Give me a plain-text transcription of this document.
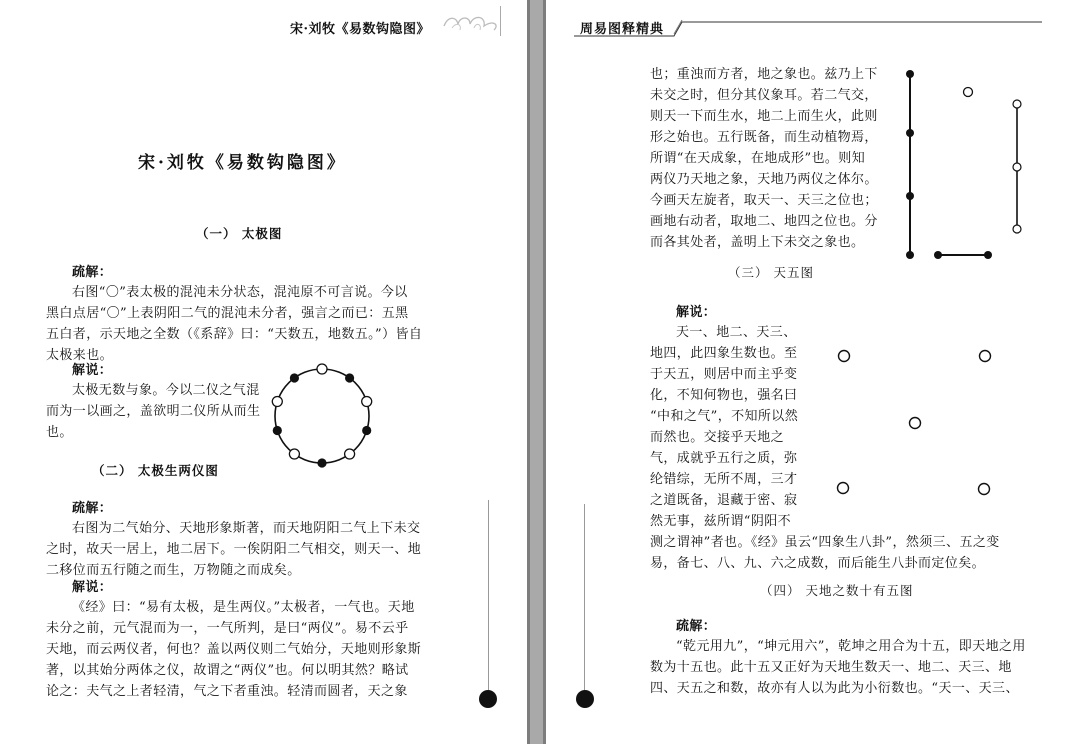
宋·刘牧《易数钩隐图》
宋·刘牧《易数钩隐图》
（一） 太极图
疏解：
右图“〇”表太极的混沌未分状态，混沌原不可言说。今以
黑白点居“〇”上表阴阳二气的混沌未分者，强言之而已：五黑
五白者，示天地之全数（《系辞》曰：“天数五，地数五。”）皆自
太极来也。
解说：
太极无数与象。今以二仪之气混
而为一以画之，盖欲明二仪所从而生
也。
（二） 太极生两仪图
疏解：
右图为二气始分、天地形象斯著，而天地阴阳二气上下未交
之时，故天一居上，地二居下。一俟阴阳二气相交，则天一、地
二移位而五行随之而生，万物随之而成矣。
解说：
《经》曰：“易有太极，是生两仪。”太极者，一气也。天地
未分之前，元气混而为一，一气所判，是曰“两仪”。易不云乎
天地，而云两仪者，何也？盖以两仪则二气始分，天地则形象斯
著，以其始分两体之仪，故谓之“两仪”也。何以明其然？略试
论之：夫气之上者轻清，气之下者重浊。轻清而圆者，天之象
周易图释精典
也；重浊而方者，地之象也。兹乃上下
未交之时，但分其仪象耳。若二气交，
则天一下而生水，地二上而生火，此则
形之始也。五行既备，而生动植物焉，
所谓“在天成象，在地成形”也。则知
两仪乃天地之象，天地乃两仪之体尔。
今画天左旋者，取天一、天三之位也；
画地右动者，取地二、地四之位也。分
而各其处者，盖明上下未交之象也。
（三） 天五图
解说：
天一、地二、天三、
地四，此四象生数也。至
于天五，则居中而主乎变
化，不知何物也，强名曰
“中和之气”，不知所以然
而然也。交接乎天地之
气，成就乎五行之质，弥
纶错综，无所不周，三才
之道既备，退藏于密、寂
然无事，兹所谓“阴阳不
测之谓神”者也。《经》虽云“四象生八卦”，然须三、五之变
易，备七、八、九、六之成数，而后能生八卦而定位矣。
（四） 天地之数十有五图
疏解：
“乾元用九”，“坤元用六”，乾坤之用合为十五，即天地之用
数为十五也。此十五又正好为天地生数天一、地二、天三、地
四、天五之和数，故亦有人以为此为小衍数也。“天一、天三、
